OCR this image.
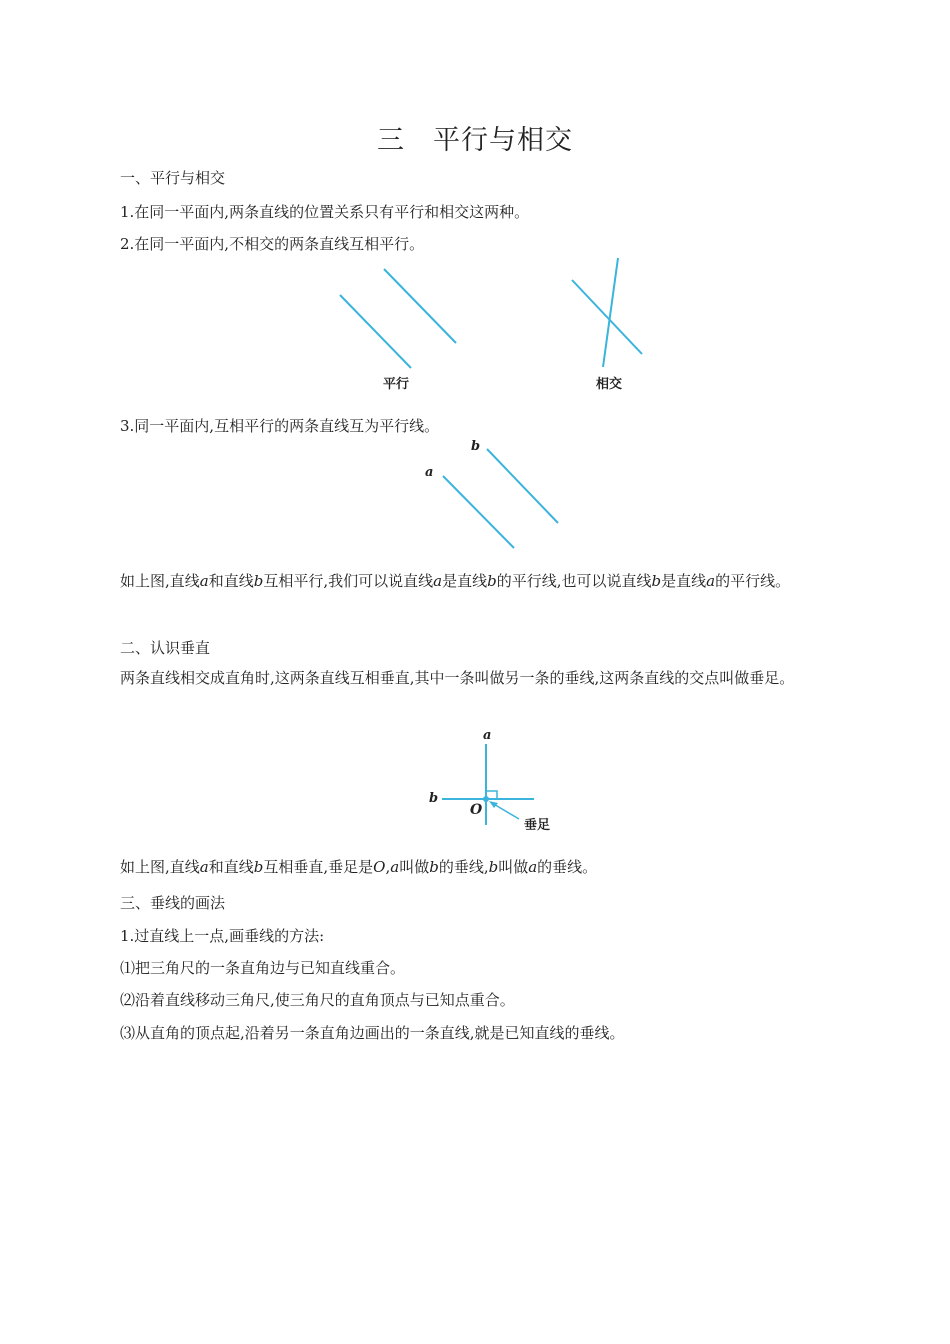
三　平行与相交
一、平行与相交
1.在同一平面内,两条直线的位置关系只有平行和相交这两种。
2.在同一平面内,不相交的两条直线互相平行。
平行	相交
a
b
a
b
O
垂足
3.同一平面内,互相平行的两条直线互为平行线。
如上图,直线a和直线b互相平行,我们可以说直线a是直线b的平行线,也可以说直线b是直线a的平行线。
二、认识垂直
两条直线相交成直角时,这两条直线互相垂直,其中一条叫做另一条的垂线,这两条直线的交点叫做垂足。
如上图,直线a和直线b互相垂直,垂足是O,a叫做b的垂线,b叫做a的垂线。
三、垂线的画法
1.过直线上一点,画垂线的方法:
⑴把三角尺的一条直角边与已知直线重合。
⑵沿着直线移动三角尺,使三角尺的直角顶点与已知点重合。
⑶从直角的顶点起,沿着另一条直角边画出的一条直线,就是已知直线的垂线。
